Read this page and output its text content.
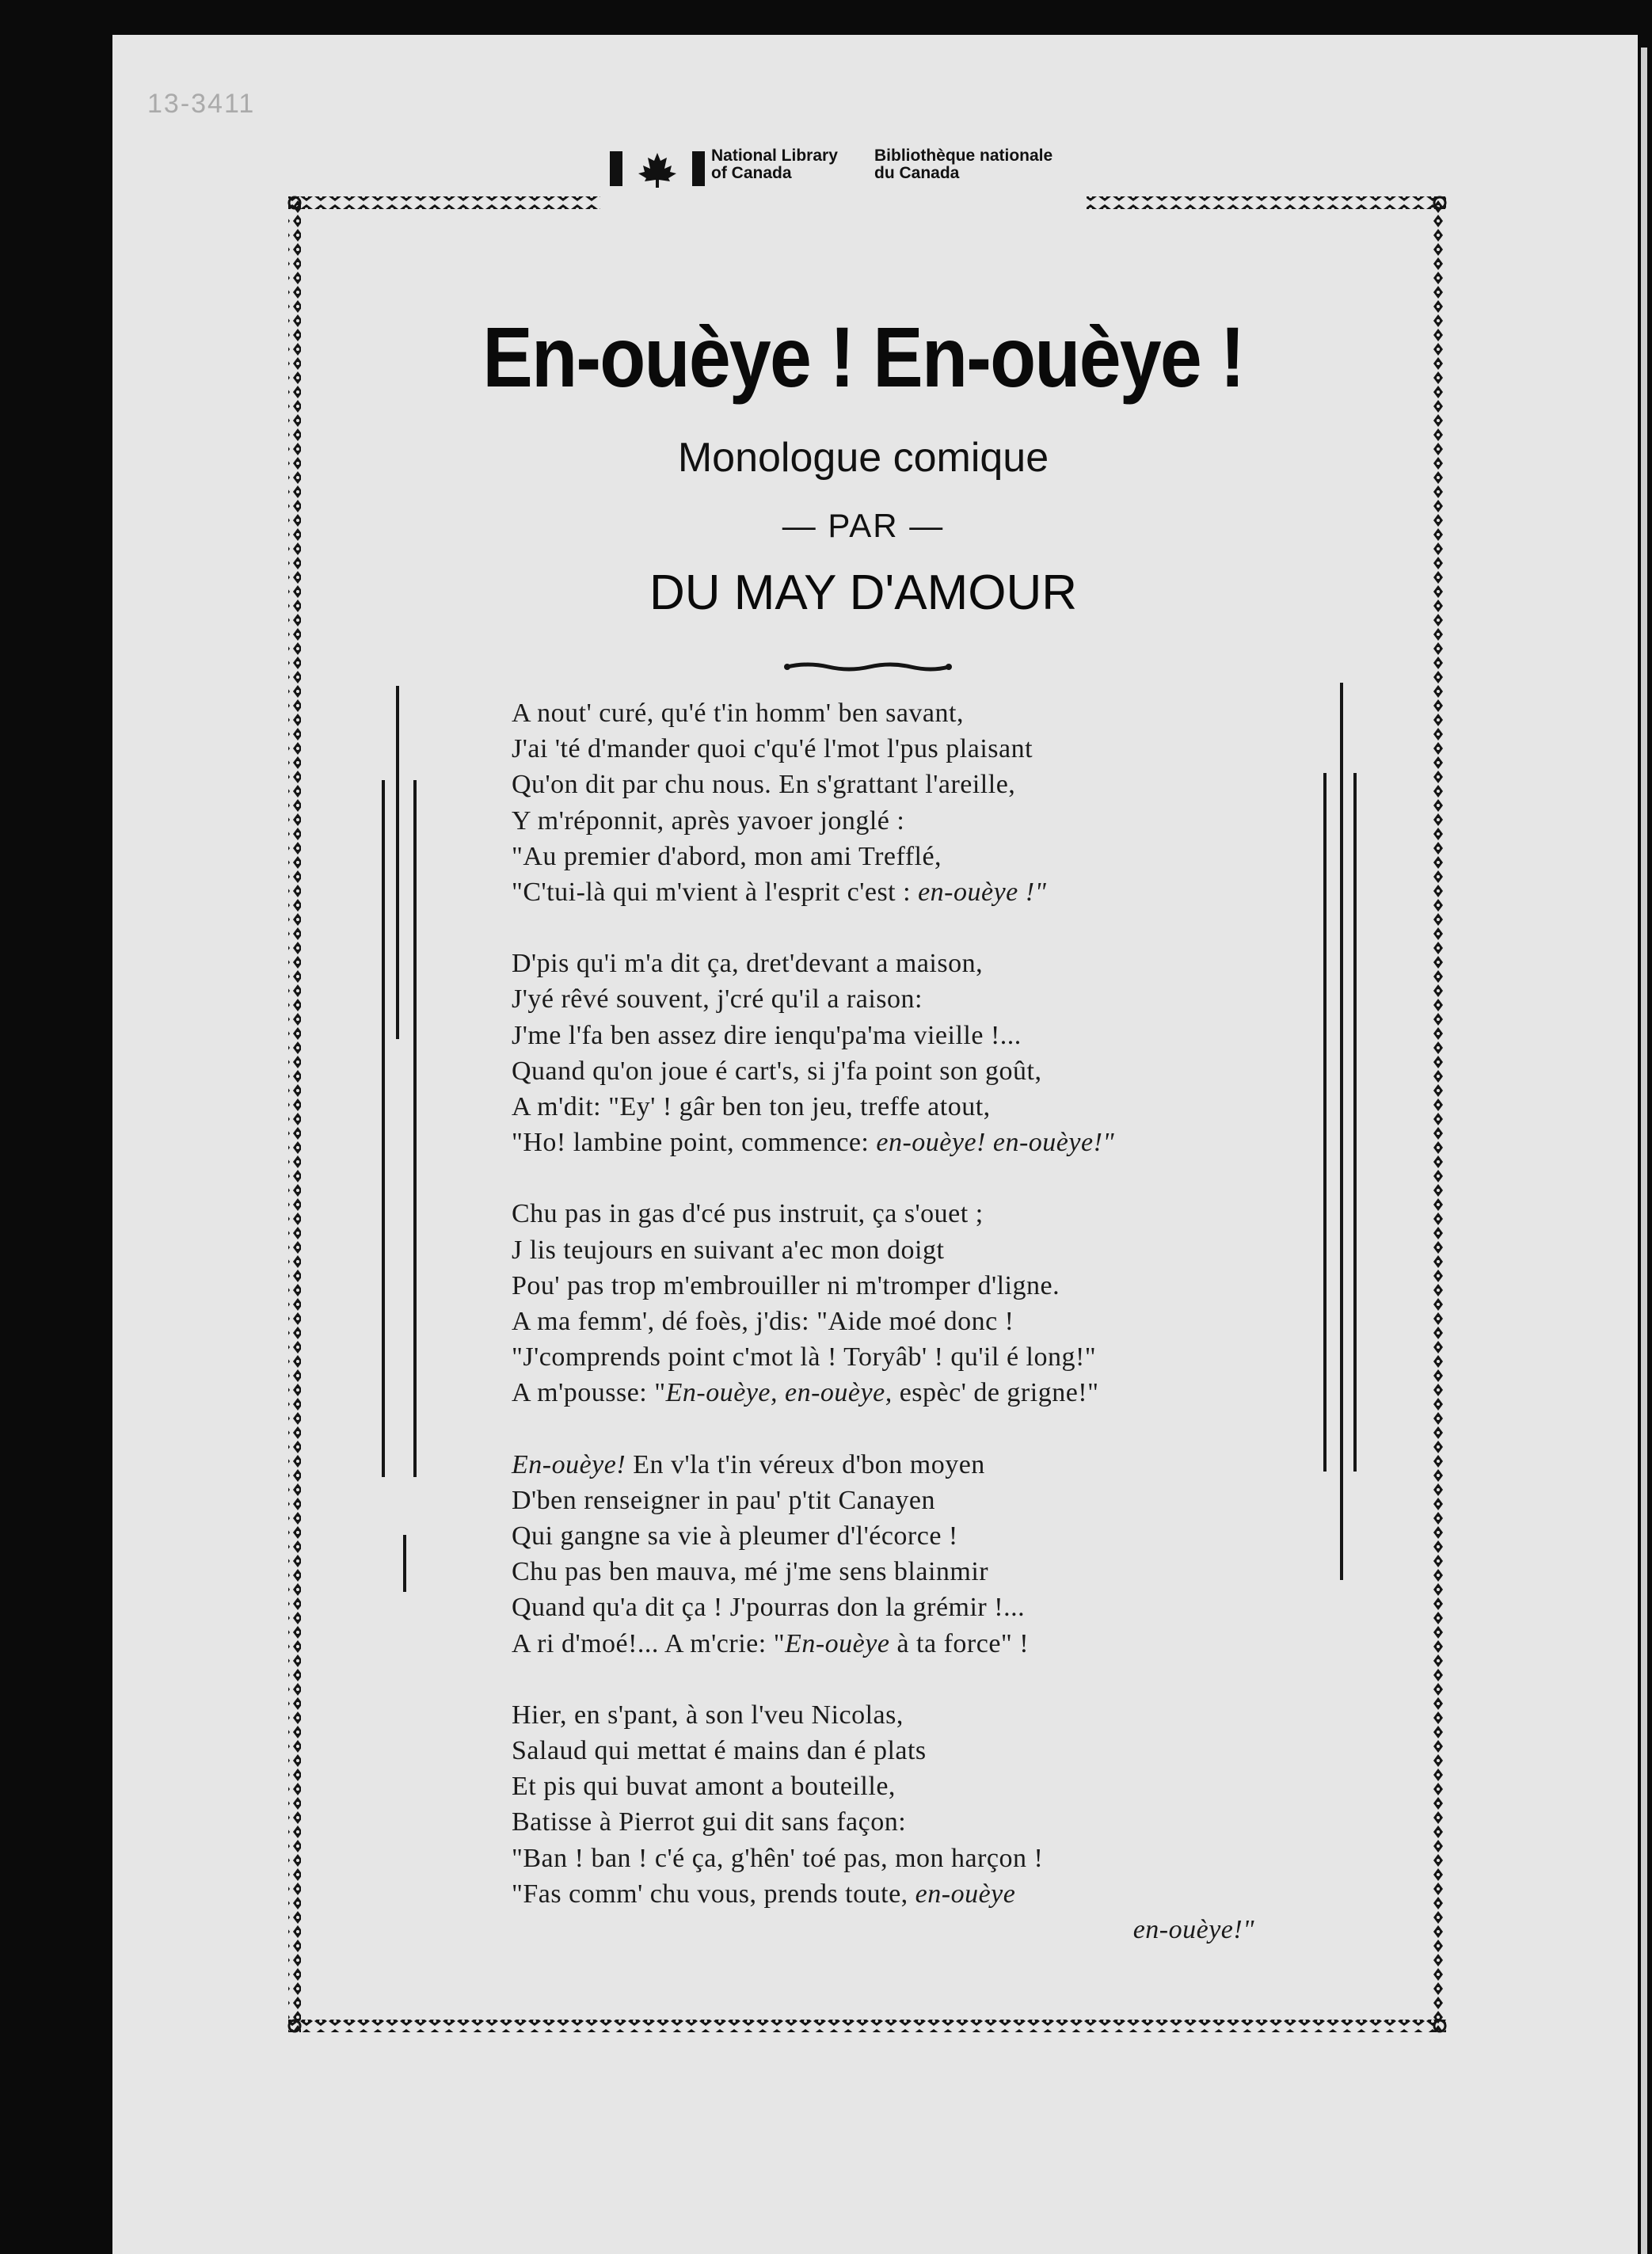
13-3411
National Library
of Canada
Bibliothèque nationale
du Canada
En-ouèye ! En-ouèye !
Monologue comique
— PAR —
DU MAY D'AMOUR
A nout' curé, qu'é t'in homm' ben savant,
J'ai 'té d'mander quoi c'qu'é l'mot l'pus plaisant
Qu'on dit par chu nous. En s'grattant l'areille,
Y m'réponnit, après yavoer jonglé :
"Au premier d'abord, mon ami Trefflé,
"C'tui-là qui m'vient à l'esprit c'est : en-ouèye !"
D'pis qu'i m'a dit ça, dret'devant a maison,
J'yé rêvé souvent, j'cré qu'il a raison:
J'me l'fa ben assez dire ienqu'pa'ma vieille !...
Quand qu'on joue é cart's, si j'fa point son goût,
A m'dit: "Ey' ! gâr ben ton jeu, treffe atout,
"Ho! lambine point, commence: en-ouèye! en-ouèye!"
Chu pas in gas d'cé pus instruit, ça s'ouet ;
J lis teujours en suivant a'ec mon doigt
Pou' pas trop m'embrouiller ni m'tromper d'ligne.
A ma femm', dé foès, j'dis: "Aide moé donc !
"J'comprends point c'mot là ! Toryâb' ! qu'il é long!"
A m'pousse: "En-ouèye, en-ouèye, espèc' de grigne!"
En-ouèye! En v'la t'in véreux d'bon moyen
D'ben renseigner in pau' p'tit Canayen
Qui gangne sa vie à pleumer d'l'écorce !
Chu pas ben mauva, mé j'me sens blainmir
Quand qu'a dit ça ! J'pourras don la grémir !...
A ri d'moé!... A m'crie: "En-ouèye à ta force" !
Hier, en s'pant, à son l'veu Nicolas,
Salaud qui mettat é mains dan é plats
Et pis qui buvat amont a bouteille,
Batisse à Pierrot gui dit sans façon:
"Ban ! ban ! c'é ça, g'hên' toé pas, mon harçon !
"Fas comm' chu vous, prends toute, en-ouèye
en-ouèye!"
